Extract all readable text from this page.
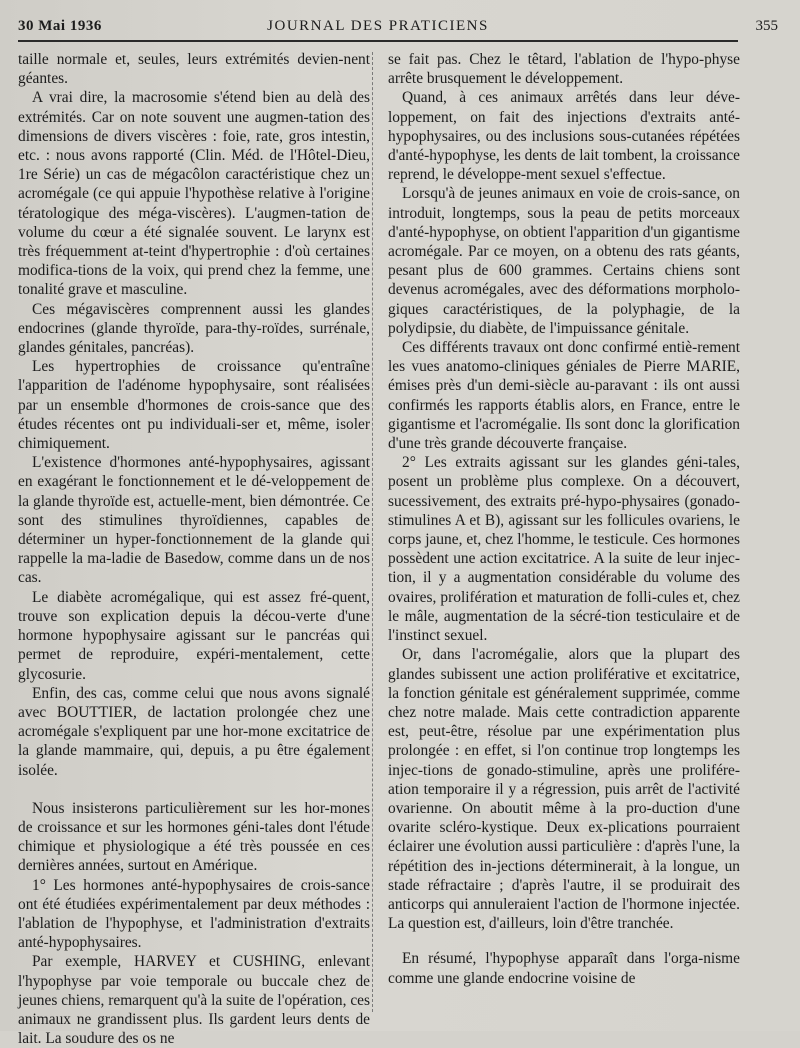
30 Mai 1936	JOURNAL DES PRATICIENS	355

taille normale et, seules, leurs extrémités devien-nent géantes.

A vrai dire, la macrosomie s'étend bien au delà des extrémités. Car on note souvent une augmen-tation des dimensions de divers viscères : foie, rate, gros intestin, etc. : nous avons rapporté (Clin. Méd. de l'Hôtel-Dieu, 1re Série) un cas de mégacôlon caractéristique chez un acromégale (ce qui appuie l'hypothèse relative à l'origine tératologique des méga-viscères). L'augmen-tation de volume du cœur a été signalée souvent. Le larynx est très fréquemment at-teint d'hypertrophie : d'où certaines modifica-tions de la voix, qui prend chez la femme, une tonalité grave et masculine.

Ces mégaviscères comprennent aussi les glandes endocrines (glande thyroïde, para-thy-roïdes, surrénale, glandes génitales, pancréas).

Les hypertrophies de croissance qu'entraîne l'apparition de l'adénome hypophysaire, sont réalisées par un ensemble d'hormones de crois-sance que des études récentes ont pu individuali-ser et, même, isoler chimiquement.

L'existence d'hormones anté-hypophysaires, agissant en exagérant le fonctionnement et le dé-veloppement de la glande thyroïde est, actuelle-ment, bien démontrée. Ce sont des stimulines thyroïdiennes, capables de déterminer un hyper-fonctionnement de la glande qui rappelle la ma-ladie de Basedow, comme dans un de nos cas.

Le diabète acromégalique, qui est assez fré-quent, trouve son explication depuis la décou-verte d'une hormone hypophysaire agissant sur le pancréas qui permet de reproduire, expéri-mentalement, cette glycosurie.

Enfin, des cas, comme celui que nous avons signalé avec BOUTTIER, de lactation prolongée chez une acromégale s'expliquent par une hor-mone excitatrice de la glande mammaire, qui, depuis, a pu être également isolée.

Nous insisterons particulièrement sur les hor-mones de croissance et sur les hormones géni-tales dont l'étude chimique et physiologique a été très poussée en ces dernières années, surtout en Amérique.

1° Les hormones anté-hypophysaires de crois-sance ont été étudiées expérimentalement par deux méthodes : l'ablation de l'hypophyse, et l'administration d'extraits anté-hypophysaires.

Par exemple, HARVEY et CUSHING, enlevant l'hypophyse par voie temporale ou buccale chez de jeunes chiens, remarquent qu'à la suite de l'opération, ces animaux ne grandissent plus. Ils gardent leurs dents de lait. La soudure des os ne

se fait pas. Chez le têtard, l'ablation de l'hypo-physe arrête brusquement le développement.

Quand, à ces animaux arrêtés dans leur déve-loppement, on fait des injections d'extraits anté-hypophysaires, ou des inclusions sous-cutanées répétées d'anté-hypophyse, les dents de lait tombent, la croissance reprend, le développe-ment sexuel s'effectue.

Lorsqu'à de jeunes animaux en voie de crois-sance, on introduit, longtemps, sous la peau de petits morceaux d'anté-hypophyse, on obtient l'apparition d'un gigantisme acromégale. Par ce moyen, on a obtenu des rats géants, pesant plus de 600 grammes. Certains chiens sont devenus acromégales, avec des déformations morpholo-giques caractéristiques, de la polyphagie, de la polydipsie, du diabète, de l'impuissance génitale.

Ces différents travaux ont donc confirmé entiè-rement les vues anatomo-cliniques géniales de Pierre MARIE, émises près d'un demi-siècle au-paravant : ils ont aussi confirmés les rapports établis alors, en France, entre le gigantisme et l'acromégalie. Ils sont donc la glorification d'une très grande découverte française.

2° Les extraits agissant sur les glandes géni-tales, posent un problème plus complexe. On a découvert, sucessivement, des extraits pré-hypo-physaires (gonado-stimulines A et B), agissant sur les follicules ovariens, le corps jaune, et, chez l'homme, le testicule. Ces hormones possèdent une action excitatrice. A la suite de leur injec-tion, il y a augmentation considérable du volume des ovaires, prolifération et maturation de folli-cules et, chez le mâle, augmentation de la sécré-tion testiculaire et de l'instinct sexuel.

Or, dans l'acromégalie, alors que la plupart des glandes subissent une action proliférative et excitatrice, la fonction génitale est généralement supprimée, comme chez notre malade. Mais cette contradiction apparente est, peut-être, résolue par une expérimentation plus prolongée : en effet, si l'on continue trop longtemps les injec-tions de gonado-stimuline, après une prolifére-ation temporaire il y a régression, puis arrêt de l'activité ovarienne. On aboutit même à la pro-duction d'une ovarite scléro-kystique. Deux ex-plications pourraient éclairer une évolution aussi particulière : d'après l'une, la répétition des in-jections déterminerait, à la longue, un stade réfractaire ; d'après l'autre, il se produirait des anticorps qui annuleraient l'action de l'hormone injectée. La question est, d'ailleurs, loin d'être tranchée.

En résumé, l'hypophyse apparaît dans l'orga-nisme comme une glande endocrine voisine de
